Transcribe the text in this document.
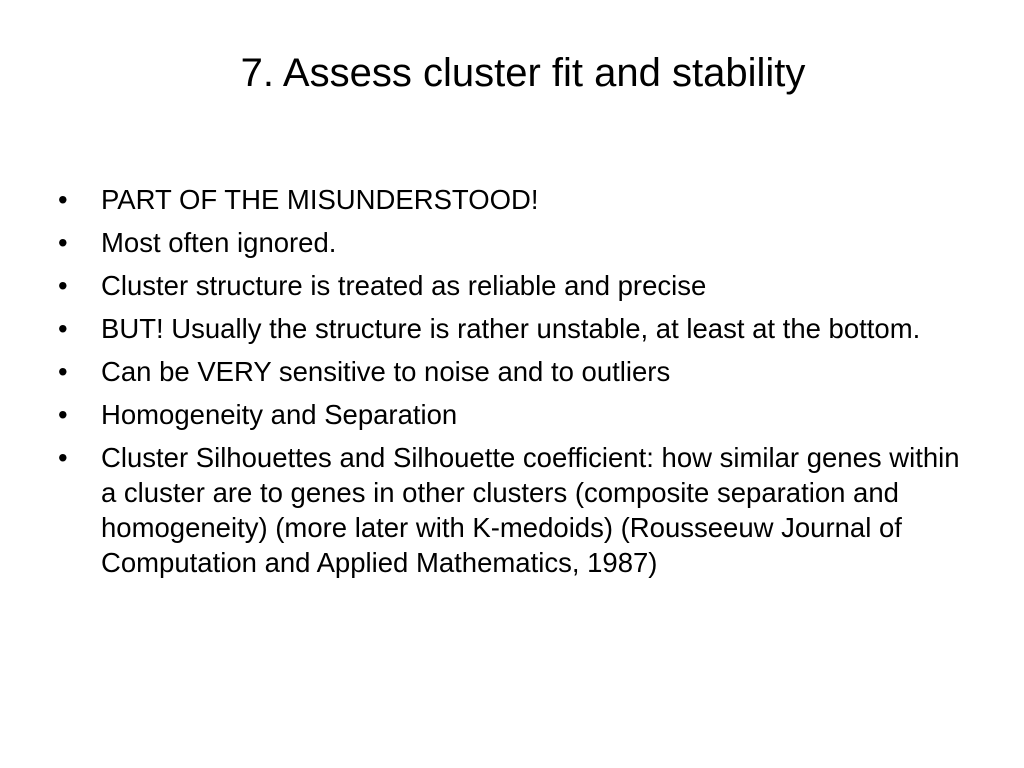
7. Assess cluster fit and stability
•	PART OF THE MISUNDERSTOOD!
•	Most often ignored.
•	Cluster structure is treated as reliable and precise
•	BUT! Usually the structure is rather unstable, at least at the bottom.
•	Can be VERY sensitive to noise and to outliers
•	Homogeneity and Separation
•	Cluster Silhouettes and Silhouette coefficient: how similar genes within a cluster are to genes in other clusters (composite separation and homogeneity) (more later with K-medoids) (Rousseeuw Journal of Computation and Applied Mathematics, 1987)
